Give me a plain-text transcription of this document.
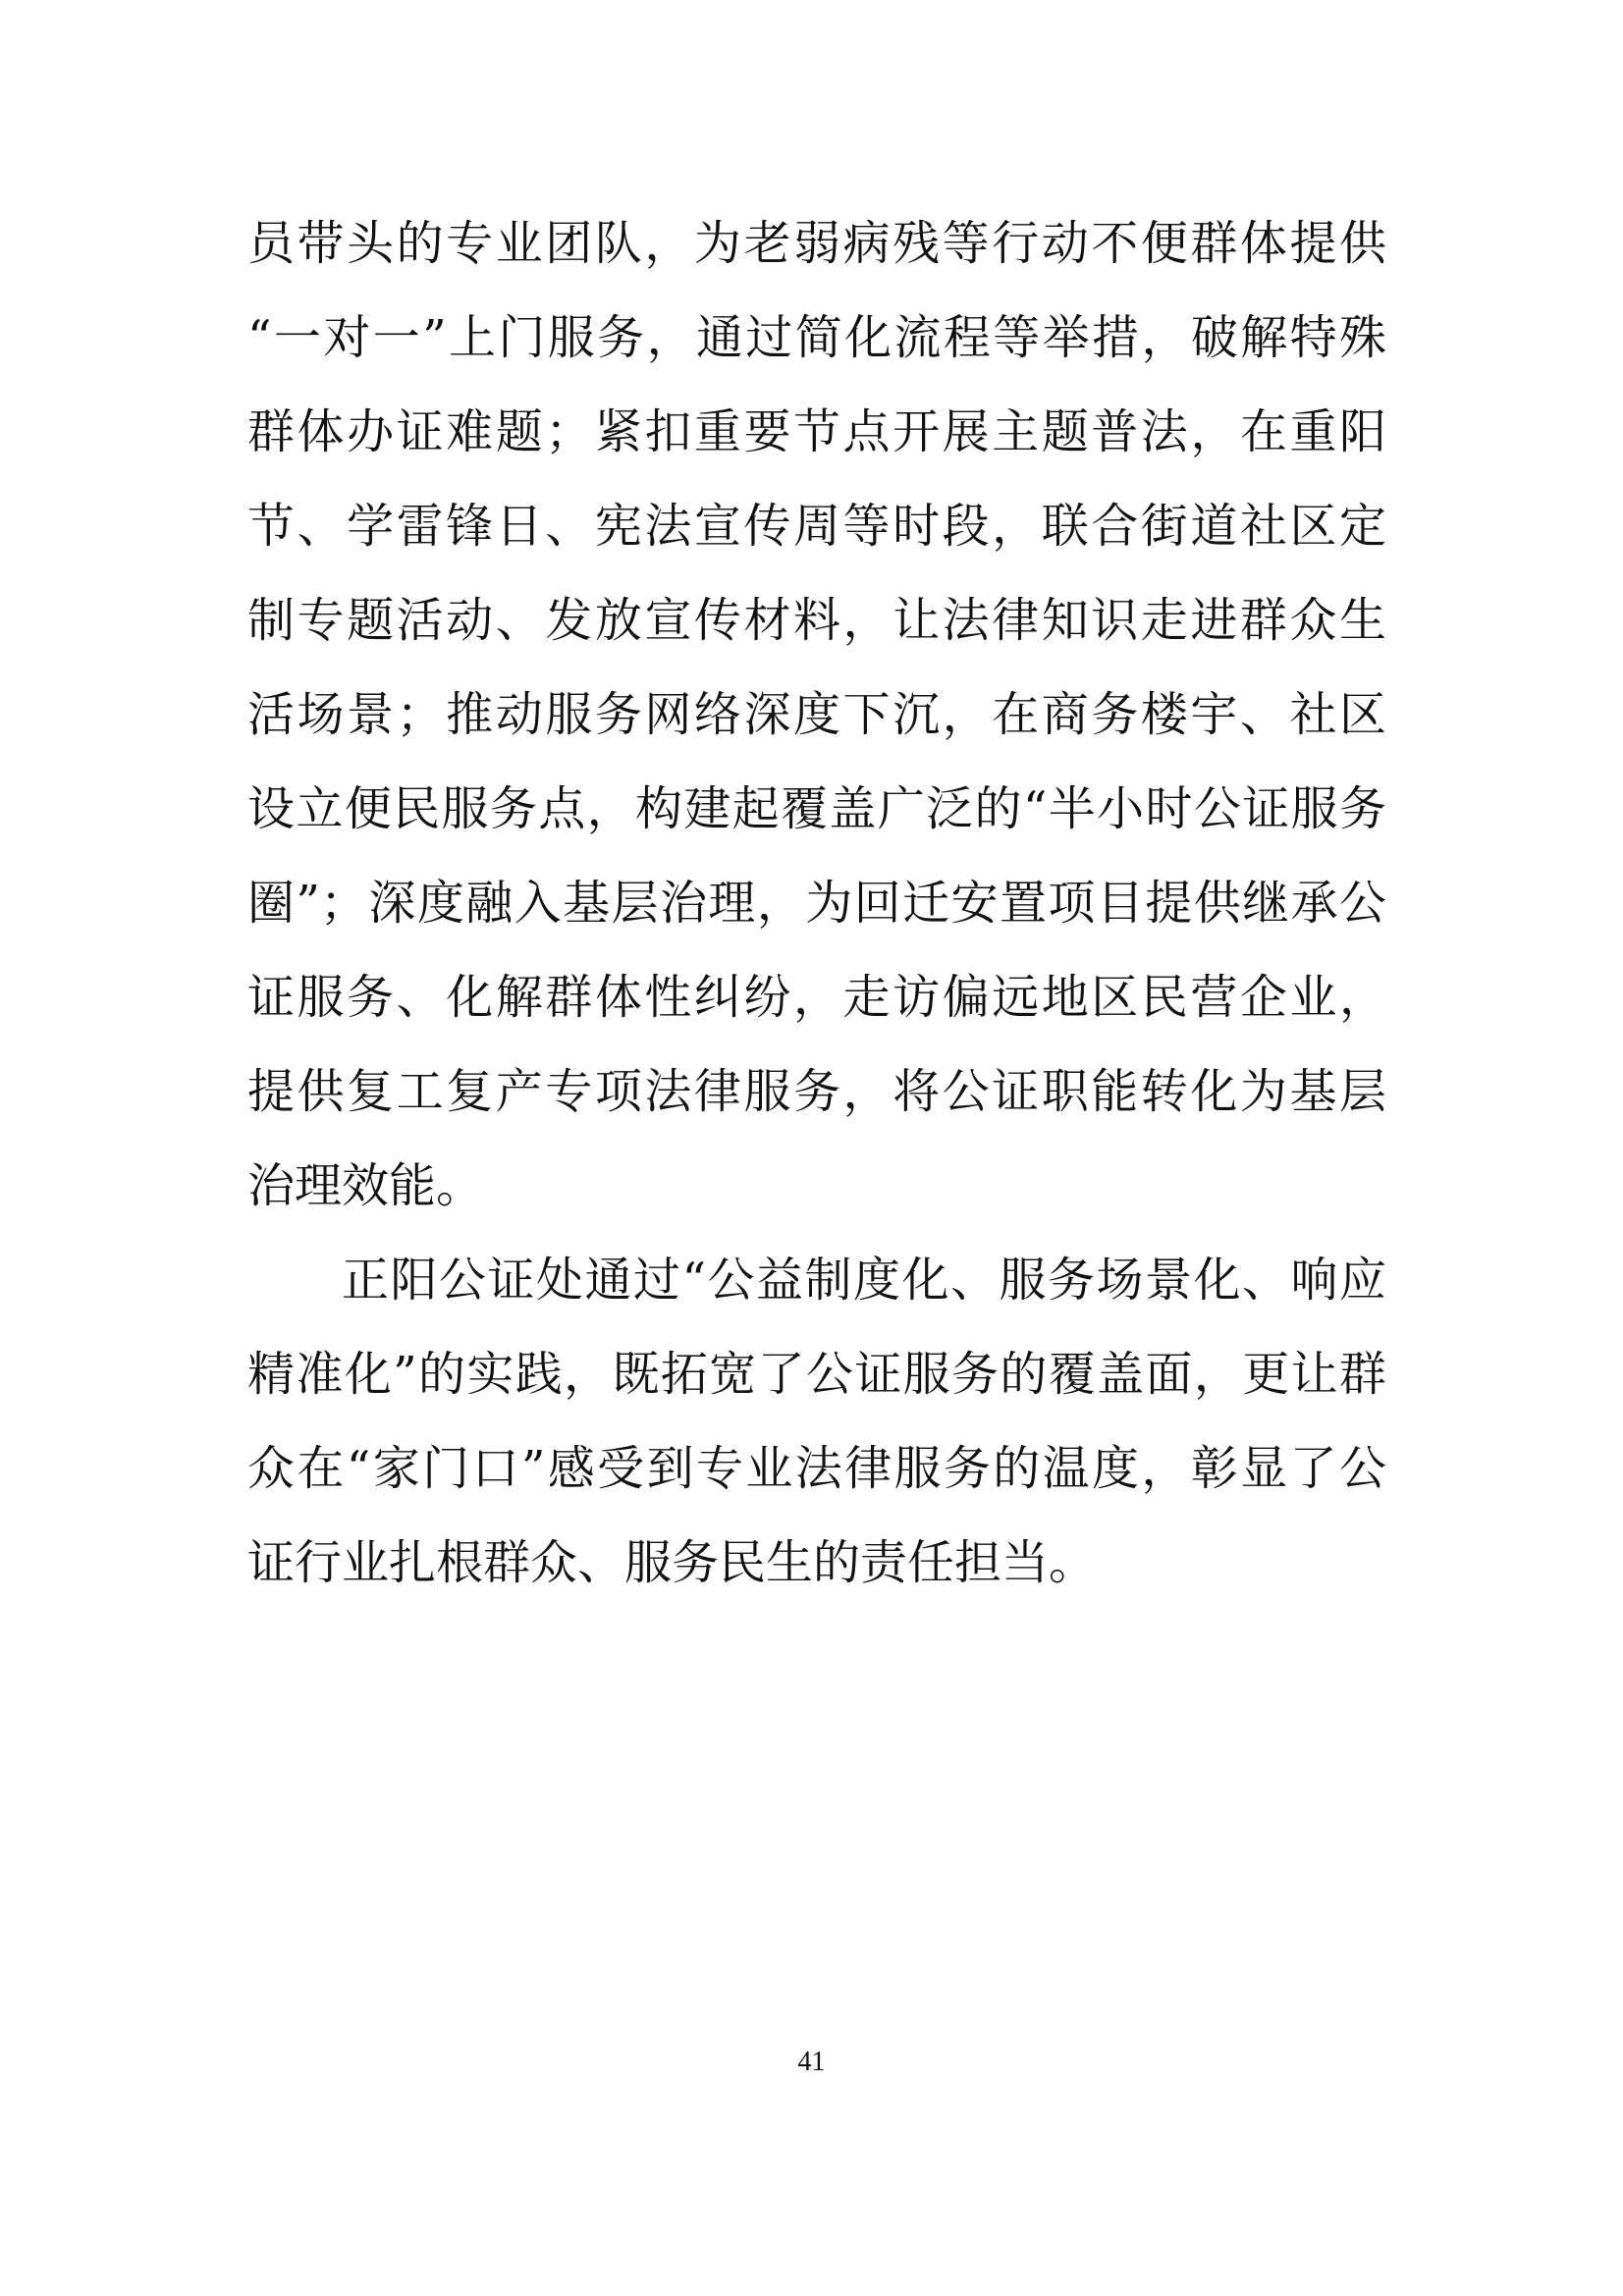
员带头的专业团队，为老弱病残等行动不便群体提供
“一对一”上门服务，通过简化流程等举措，破解特殊
群体办证难题；紧扣重要节点开展主题普法，在重阳
节、学雷锋日、宪法宣传周等时段，联合街道社区定
制专题活动、发放宣传材料，让法律知识走进群众生
活场景；推动服务网络深度下沉，在商务楼宇、社区
设立便民服务点，构建起覆盖广泛的“半小时公证服务
圈”；深度融入基层治理，为回迁安置项目提供继承公
证服务、化解群体性纠纷，走访偏远地区民营企业，
提供复工复产专项法律服务，将公证职能转化为基层
治理效能。
正阳公证处通过“公益制度化、服务场景化、响应
精准化”的实践，既拓宽了公证服务的覆盖面，更让群
众在“家门口”感受到专业法律服务的温度，彰显了公
证行业扎根群众、服务民生的责任担当。
41
